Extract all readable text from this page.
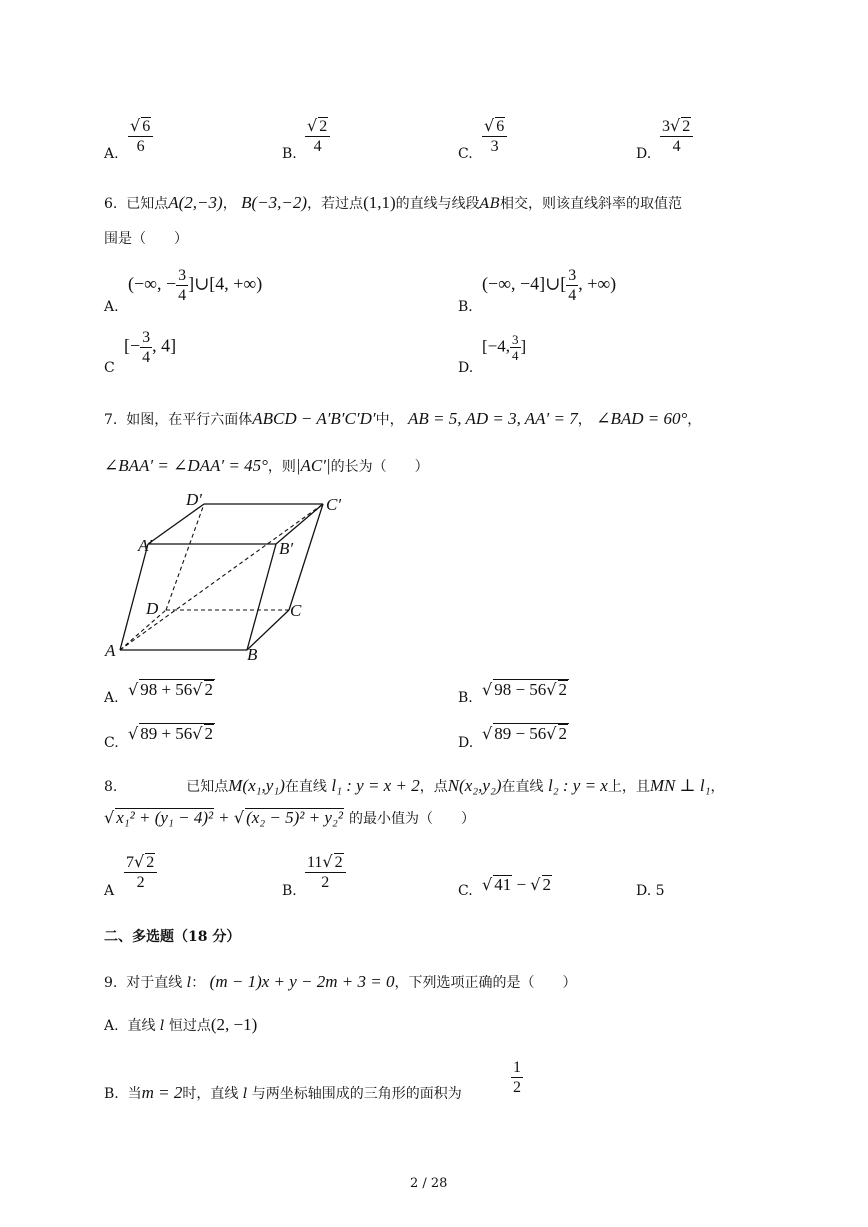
A. $\frac{√ 6}{6}$	B. $\frac{√ 2}{4}$	C. $\frac{√ 6}{3}$	D. $\frac{3√ 2}{4}$
6. 已知点A(2,−3)， B(−3,−2)，若过点(1,1)的直线与线段AB相交，则该直线斜率的取值范
围是（　　）
A.
(−∞, − $\frac{3}{4}$ ]∪[4, +∞)
B.
(−∞, −4]∪[ $\frac{3}{4}$ , +∞)
C
[− $\frac{3}{4}$ , 4]
D.
[−4, $\frac{3}{4}$ ]
7. 如图，在平行六面体ABCD − A′B′C′D′中， AB = 5, AD = 3, AA′ = 7， ∠BAD = 60°，
∠BAA′ = ∠DAA′ = 45°，则|AC′|的长为（　　）
D′	C′
A′	B′
D	C
A	B
A. √ 98 + 56√ 2	B. √ 98 − 56√ 2
C. √ 89 + 56√ 2	D. √ 89 − 56√ 2
8.	已知点M(x₁,y₁)在直线 l₁ : y = x + 2，点N(x₂,y₂)在直线 l₂ : y = x上，且MN ⊥ l₁，
√ x₁² + (y₁ − 4)² + √ (x₂ − 5)² + y₂² 的最小值为（　　）
A $\frac{7√ 2}{2}$	B. $\frac{11√ 2}{2}$	C. √ 41 − √ 2	D. 5
二、多选题（18 分）
9. 对于直线 l： (m − 1)x + y − 2m + 3 = 0，下列选项正确的是（　　）
A. 直线 l 恒过点(2, −1)
B. 当m = 2时，直线 l 与两坐标轴围成的三角形的面积为	$\frac{1}{2}$
2 / 28
